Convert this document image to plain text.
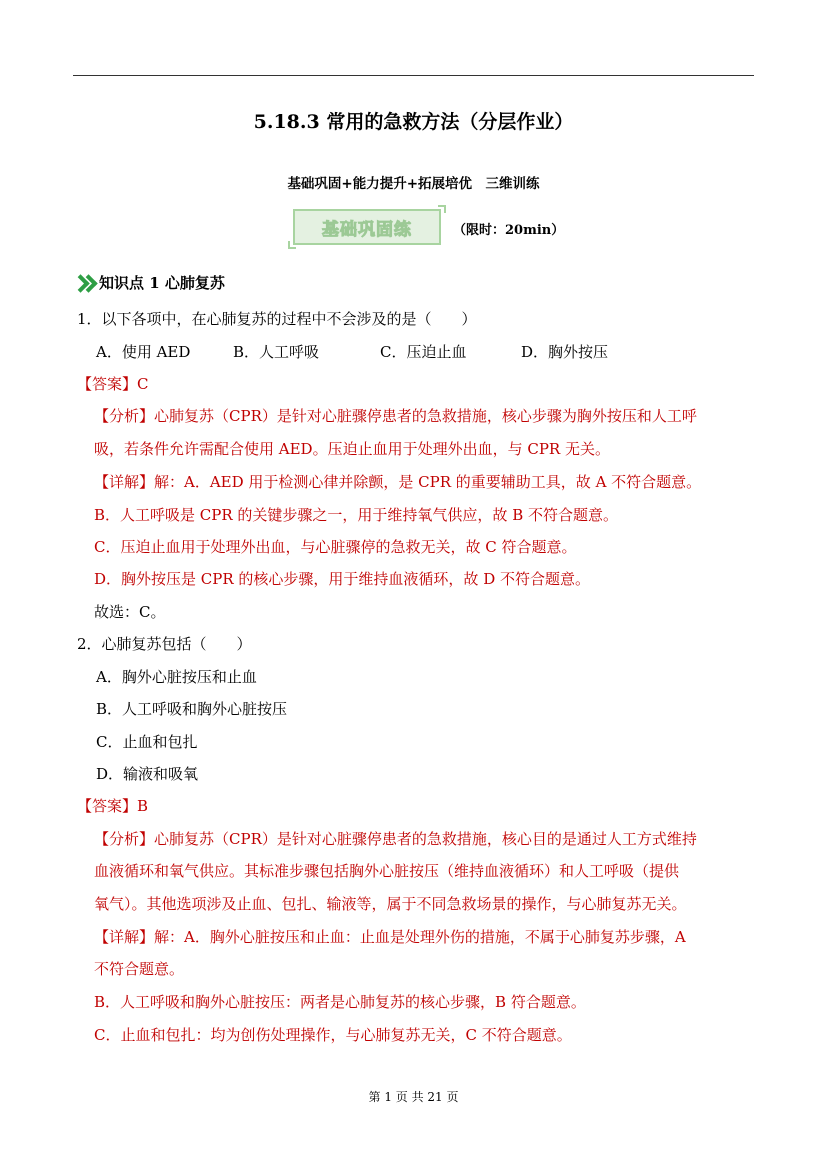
5.18.3 常用的急救方法（分层作业）
基础巩固+能力提升+拓展培优　三维训练
基础巩固练	（限时：20min）
知识点 1 心肺复苏
1．以下各项中，在心肺复苏的过程中不会涉及的是（　　）
A．使用 AED	B．人工呼吸	C．压迫止血	D．胸外按压
【答案】C
【分析】心肺复苏（CPR）是针对心脏骤停患者的急救措施，核心步骤为胸外按压和人工呼
吸，若条件允许需配合使用 AED。压迫止血用于处理外出血，与 CPR 无关。
【详解】解：A．AED 用于检测心律并除颤，是 CPR 的重要辅助工具，故 A 不符合题意。
B．人工呼吸是 CPR 的关键步骤之一，用于维持氧气供应，故 B 不符合题意。
C．压迫止血用于处理外出血，与心脏骤停的急救无关，故 C 符合题意。
D．胸外按压是 CPR 的核心步骤，用于维持血液循环，故 D 不符合题意。
故选：C。
2．心肺复苏包括（　　）
A．胸外心脏按压和止血
B．人工呼吸和胸外心脏按压
C．止血和包扎
D．输液和吸氧
【答案】B
【分析】心肺复苏（CPR）是针对心脏骤停患者的急救措施，核心目的是通过人工方式维持
血液循环和氧气供应。其标准步骤包括胸外心脏按压（维持血液循环）和人工呼吸（提供
氧气）。其他选项涉及止血、包扎、输液等，属于不同急救场景的操作，与心肺复苏无关。
【详解】解：A．胸外心脏按压和止血：止血是处理外伤的措施，不属于心肺复苏步骤，A
不符合题意。
B．人工呼吸和胸外心脏按压：两者是心肺复苏的核心步骤，B 符合题意。
C．止血和包扎：均为创伤处理操作，与心肺复苏无关，C 不符合题意。
第 1 页 共 21 页
